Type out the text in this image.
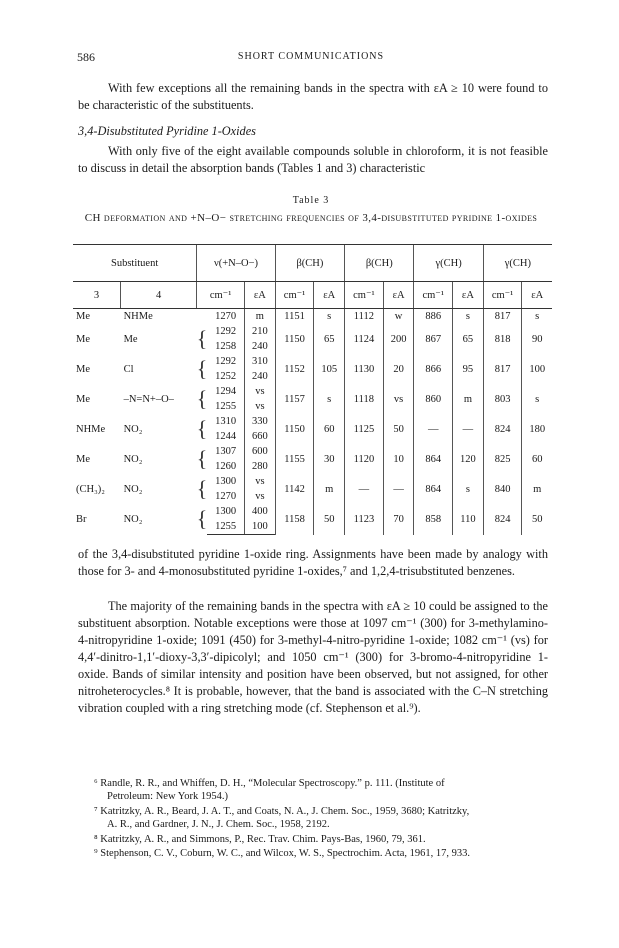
586	SHORT COMMUNICATIONS

With few exceptions all the remaining bands in the spectra with εA ≥ 10 were found to be characteristic of the substituents.

3,4-Disubstituted Pyridine 1-Oxides

With only five of the eight available compounds soluble in chloroform, it is not feasible to discuss in detail the absorption bands (Tables 1 and 3) characteristic

Table 3
CH deformation and +N–O− stretching frequencies of 3,4-disubstituted pyridine 1-oxides
Substituent		ν(+N–O−)			β(CH)		β(CH)		γ(CH)		γ(CH)	
3	4	cm⁻¹		εA	cm⁻¹	εA	cm⁻¹	εA	cm⁻¹	εA	cm⁻¹	εA
Me	NHMe		1270	m	1151	s	1112	w	886	s	817	s
Me	Me	{	1292	210	1150	65	1124	200	867	65	818	90
			1258	240								
Me	Cl	{	1292	310	1152	105	1130	20	866	95	817	100
			1252	240								
Me	–N=N+–O–	{	1294	vs	1157	s	1118	vs	860	m	803	s
			1255	vs								
NHMe	NO₂	{	1310	330	1150	60	1125	50	—	—	824	180
			1244	660								
Me	NO₂	{	1307	600	1155	30	1120	10	864	120	825	60
			1260	280								
(CH₃)₂	NO₂	{	1300	vs	1142	m	—	—	864	s	840	m
			1270	vs								
Br	NO₂	{	1300	400	1158	50	1123	70	858	110	824	50
			1255	100								

of the 3,4-disubstituted pyridine 1-oxide ring. Assignments have been made by analogy with those for 3- and 4-monosubstituted pyridine 1-oxides,⁷ and 1,2,4-trisubstituted benzenes.

The majority of the remaining bands in the spectra with εA ≥ 10 could be assigned to the substituent absorption. Notable exceptions were those at 1097 cm⁻¹ (300) for 3-methylamino-4-nitropyridine 1-oxide; 1091 (450) for 3-methyl-4-nitro-pyridine 1-oxide; 1082 cm⁻¹ (vs) for 4,4′-dinitro-1,1′-dioxy-3,3′-dipicolyl; and 1050 cm⁻¹ (300) for 3-bromo-4-nitropyridine 1-oxide. Bands of similar intensity and position have been observed, but not assigned, for other nitroheterocycles.⁸ It is probable, however, that the band is associated with the C–N stretching vibration coupled with a ring stretching mode (cf. Stephenson et al.⁹).

⁶ Randle, R. R., and Whiffen, D. H., “Molecular Spectroscopy.” p. 111. (Institute of
Petroleum: New York 1954.)
⁷ Katritzky, A. R., Beard, J. A. T., and Coats, N. A., J. Chem. Soc., 1959, 3680; Katritzky,
A. R., and Gardner, J. N., J. Chem. Soc., 1958, 2192.
⁸ Katritzky, A. R., and Simmons, P., Rec. Trav. Chim. Pays-Bas, 1960, 79, 361.
⁹ Stephenson, C. V., Coburn, W. C., and Wilcox, W. S., Spectrochim. Acta, 1961, 17, 933.
